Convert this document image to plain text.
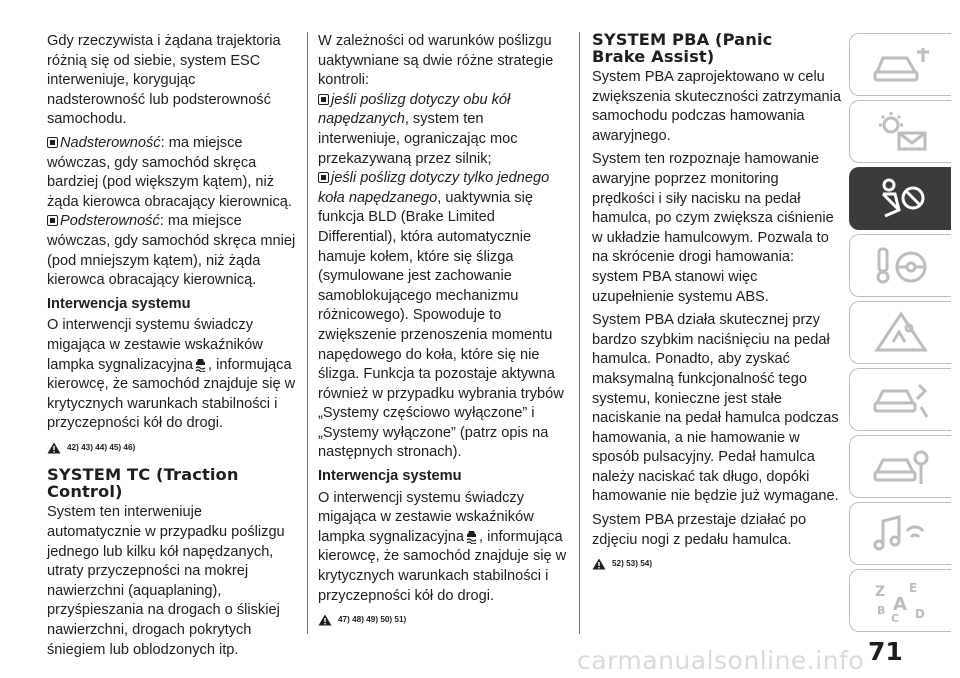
Gdy rzeczywista i żądana trajektoria różnią się od siebie, system ESC interweniuje, korygując nadsterowność lub podsterowność samochodu.

Nadsterowność: ma miejsce wówczas, gdy samochód skręca bardziej (pod większym kątem), niż żąda kierowca obracający kierownicą.

Podsterowność: ma miejsce wówczas, gdy samochód skręca mniej (pod mniejszym kątem), niż żąda kierowca obracający kierownicą.

Interwencja systemu

O interwencji systemu świadczy migająca w zestawie wskaźników lampka sygnalizacyjna , informująca kierowcę, że samochód znajduje się w krytycznych warunkach stabilności i przyczepności kół do drogi.

42) 43) 44) 45) 46)
SYSTEM TC (Traction
Control)

System ten interweniuje automatycznie w przypadku poślizgu jednego lub kilku kół napędzanych, utraty przyczepności na mokrej nawierzchni (aquaplaning), przyśpieszania na drogach o śliskiej nawierzchni, drogach pokrytych śniegiem lub oblodzonych itp.

W zależności od warunków poślizgu uaktywniane są dwie różne strategie kontroli:

jeśli poślizg dotyczy obu kół napędzanych, system ten interweniuje, ograniczając moc przekazywaną przez silnik;

jeśli poślizg dotyczy tylko jednego koła napędzanego, uaktywnia się funkcja BLD (Brake Limited Differential), która automatycznie hamuje kołem, które się ślizga (symulowane jest zachowanie samoblokującego mechanizmu różnicowego). Spowoduje to zwiększenie przenoszenia momentu napędowego do koła, które się nie ślizga. Funkcja ta pozostaje aktywna również w przypadku wybrania trybów „Systemy częściowo wyłączone” i „Systemy wyłączone” (patrz opis na następnych stronach).

Interwencja systemu

O interwencji systemu świadczy migająca w zestawie wskaźników lampka sygnalizacyjna , informująca kierowcę, że samochód znajduje się w krytycznych warunkach stabilności i przyczepności kół do drogi.

47) 48) 49) 50) 51)
SYSTEM PBA (Panic
Brake Assist)

System PBA zaprojektowano w celu zwiększenia skuteczności zatrzymania samochodu podczas hamowania awaryjnego.

System ten rozpoznaje hamowanie awaryjne poprzez monitoring prędkości i siły nacisku na pedał hamulca, po czym zwiększa ciśnienie w układzie hamulcowym. Pozwala to na skrócenie drogi hamowania: system PBA stanowi więc uzupełnienie systemu ABS.

System PBA działa skutecznej przy bardzo szybkim naciśnięciu na pedał hamulca. Ponadto, aby zyskać maksymalną funkcjonalność tego systemu, konieczne jest stałe naciskanie na pedał hamulca podczas hamowania, a nie hamowanie w sposób pulsacyjny. Pedał hamulca należy naciskać tak długo, dopóki hamowanie nie będzie już wymagane.

System PBA przestaje działać po zdjęciu nogi z pedału hamulca.

52) 53) 54)
Z E
B A
C D
71
carmanualsonline.info
